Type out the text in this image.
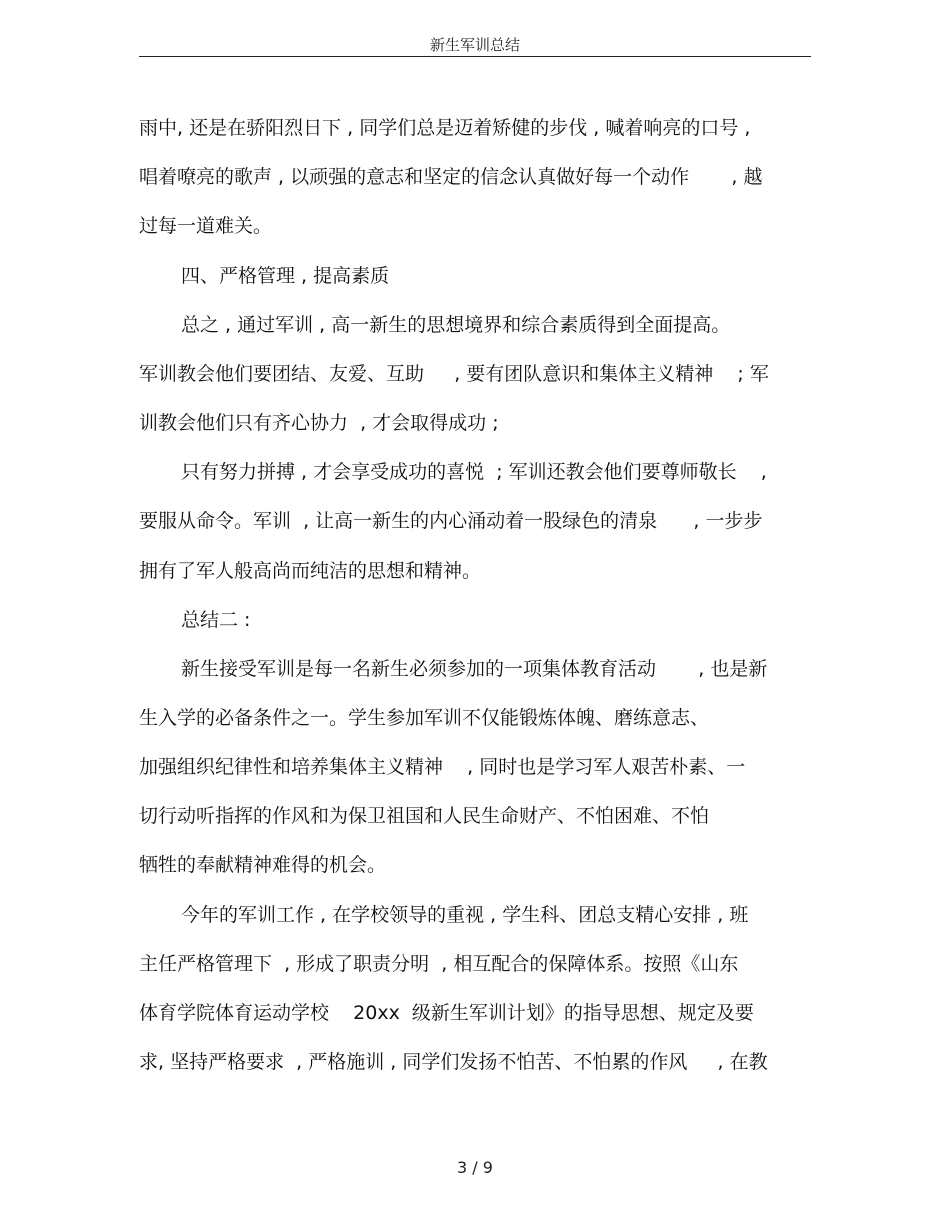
新生军训总结
雨中, 还是在骄阳烈日下 , 同学们总是迈着矫健的步伐 , 喊着响亮的口号 ,
唱着嘹亮的歌声 , 以顽强的意志和坚定的信念认真做好每一个动作       , 越
过每一道难关。
四、严格管理 , 提高素质
总之 , 通过军训 , 高一新生的思想境界和综合素质得到全面提高。
军训教会他们要团结、友爱、互助     , 要有团队意识和集体主义精神    ; 军
训教会他们只有齐心协力  , 才会取得成功 ;
只有努力拼搏 , 才会享受成功的喜悦  ; 军训还教会他们要尊师敬长    ,
要服从命令。军训  , 让高一新生的内心涌动着一股绿色的清泉      , 一步步
拥有了军人般高尚而纯洁的思想和精神。
总结二 :
新生接受军训是每一名新生必须参加的一项集体教育活动       , 也是新
生入学的必备条件之一。学生参加军训不仅能锻炼体魄、磨练意志、
加强组织纪律性和培养集体主义精神    , 同时也是学习军人艰苦朴素、一
切行动听指挥的作风和为保卫祖国和人民生命财产、不怕困难、不怕
牺牲的奉献精神难得的机会。
今年的军训工作 , 在学校领导的重视 , 学生科、团总支精心安排 , 班
主任严格管理下  , 形成了职责分明  , 相互配合的保障体系。按照《山东
体育学院体育运动学校    20xx  级新生军训计划》的指导思想、规定及要
求, 坚持严格要求  , 严格施训 , 同学们发扬不怕苦、不怕累的作风     , 在教
3 / 9
